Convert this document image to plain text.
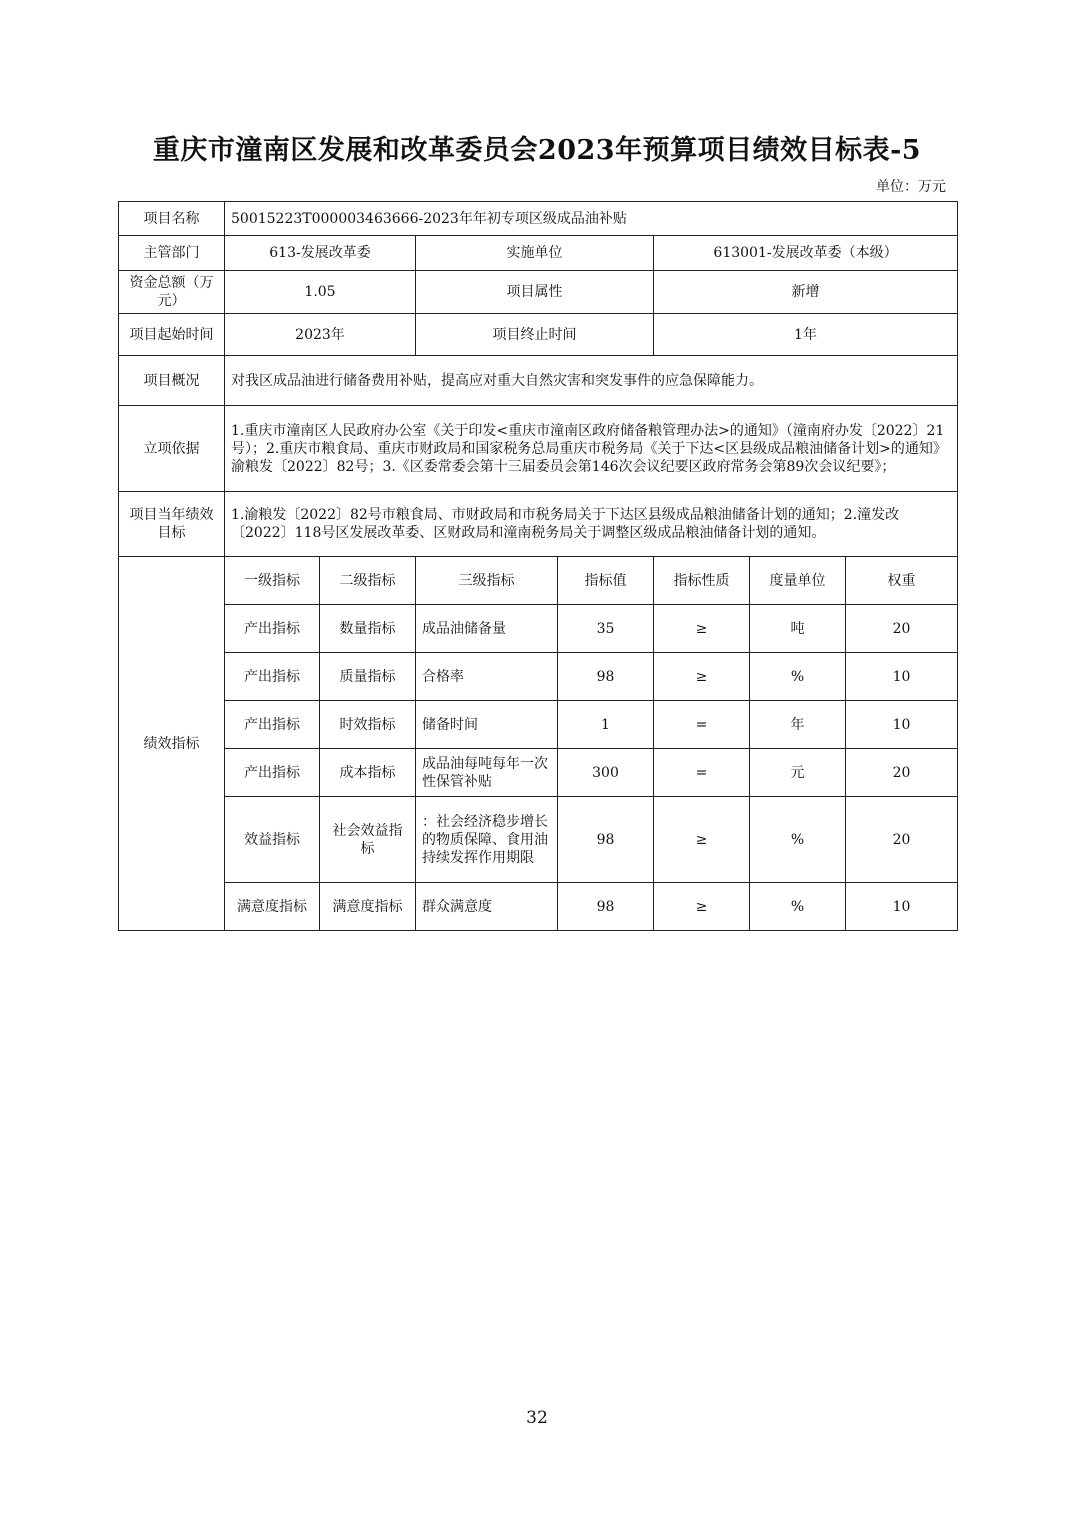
重庆市潼南区发展和改革委员会2023年预算项目绩效目标表-5
单位：万元
项目名称	50015223T000003463666-2023年年初专项区级成品油补贴						
主管部门	613-发展改革委		实施单位		613001-发展改革委（本级）		
资金总额（万元）	1.05		项目属性		新增		
项目起始时间	2023年		项目终止时间		1年		
项目概况	对我区成品油进行储备费用补贴，提高应对重大自然灾害和突发事件的应急保障能力。						
立项依据	1.重庆市潼南区人民政府办公室《关于印发<重庆市潼南区政府储备粮管理办法>的通知》（潼南府办发〔2022〕21号）；2.重庆市粮食局、重庆市财政局和国家税务总局重庆市税务局《关于下达<区县级成品粮油储备计划>的通知》渝粮发〔2022〕82号；3.《区委常委会第十三届委员会第146次会议纪要区政府常务会第89次会议纪要》；						
项目当年绩效目标	1.渝粮发〔2022〕82号市粮食局、市财政局和市税务局关于下达区县级成品粮油储备计划的通知；2.潼发改〔2022〕118号区发展改革委、区财政局和潼南税务局关于调整区级成品粮油储备计划的通知。						
绩效指标	一级指标	二级指标	三级指标	指标值	指标性质	度量单位	权重
	产出指标	数量指标	成品油储备量	35	≥	吨	20
	产出指标	质量指标	合格率	98	≥	%	10
	产出指标	时效指标	储备时间	1	=	年	10
	产出指标	成本指标	成品油每吨每年一次性保管补贴	300	=	元	20
	效益指标	社会效益指标	：社会经济稳步增长的物质保障、食用油持续发挥作用期限	98	≥	%	20
	满意度指标	满意度指标	群众满意度	98	≥	%	10
32
